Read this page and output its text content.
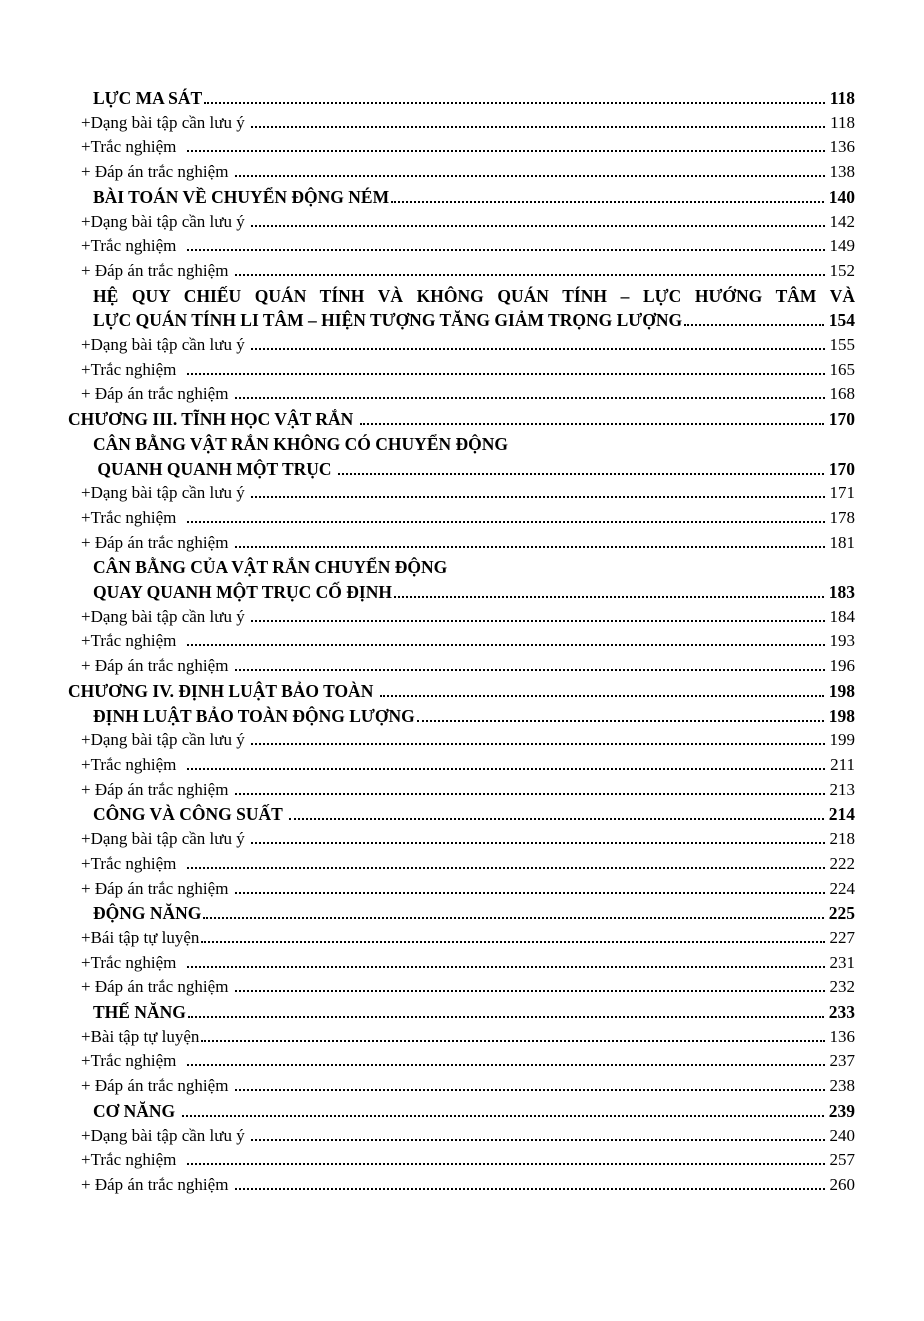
LỰC MA SÁT	118
+Dạng bài tập cần lưu ý	118
+Trắc nghiệm	136
+ Đáp án trắc nghiệm	138
BÀI TOÁN VỀ CHUYỂN ĐỘNG NÉM	140
+Dạng bài tập cần lưu ý	142
+Trắc nghiệm	149
+ Đáp án trắc nghiệm	152
HỆ QUY CHIẾU QUÁN TÍNH VÀ KHÔNG QUÁN TÍNH – LỰC HƯỚNG TÂM VÀ
LỰC QUÁN TÍNH LI TÂM – HIỆN TƯỢNG TĂNG GIẢM TRỌNG LƯỢNG	154
+Dạng bài tập cần lưu ý	155
+Trắc nghiệm	165
+ Đáp án trắc nghiệm	168
CHƯƠNG III. TĨNH HỌC VẬT RẮN	170
CÂN BẰNG VẬT RẮN KHÔNG CÓ CHUYỂN ĐỘNG
QUANH QUANH MỘT TRỤC	170
+Dạng bài tập cần lưu ý	171
+Trắc nghiệm	178
+ Đáp án trắc nghiệm	181
CÂN BẰNG CỦA VẬT RẮN CHUYỂN ĐỘNG
QUAY QUANH MỘT TRỤC CỐ ĐỊNH	183
+Dạng bài tập cần lưu ý	184
+Trắc nghiệm	193
+ Đáp án trắc nghiệm	196
CHƯƠNG IV. ĐỊNH LUẬT BẢO TOÀN	198
ĐỊNH LUẬT BẢO TOÀN ĐỘNG LƯỢNG	198
+Dạng bài tập cần lưu ý	199
+Trắc nghiệm	211
+ Đáp án trắc nghiệm	213
CÔNG VÀ CÔNG SUẤT	214
+Dạng bài tập cần lưu ý	218
+Trắc nghiệm	222
+ Đáp án trắc nghiệm	224
ĐỘNG NĂNG	225
+Bái tập tự luyện	227
+Trắc nghiệm	231
+ Đáp án trắc nghiệm	232
THẾ NĂNG	233
+Bài tập tự luyện	136
+Trắc nghiệm	237
+ Đáp án trắc nghiệm	238
CƠ NĂNG	239
+Dạng bài tập cần lưu ý	240
+Trắc nghiệm	257
+ Đáp án trắc nghiệm	260
